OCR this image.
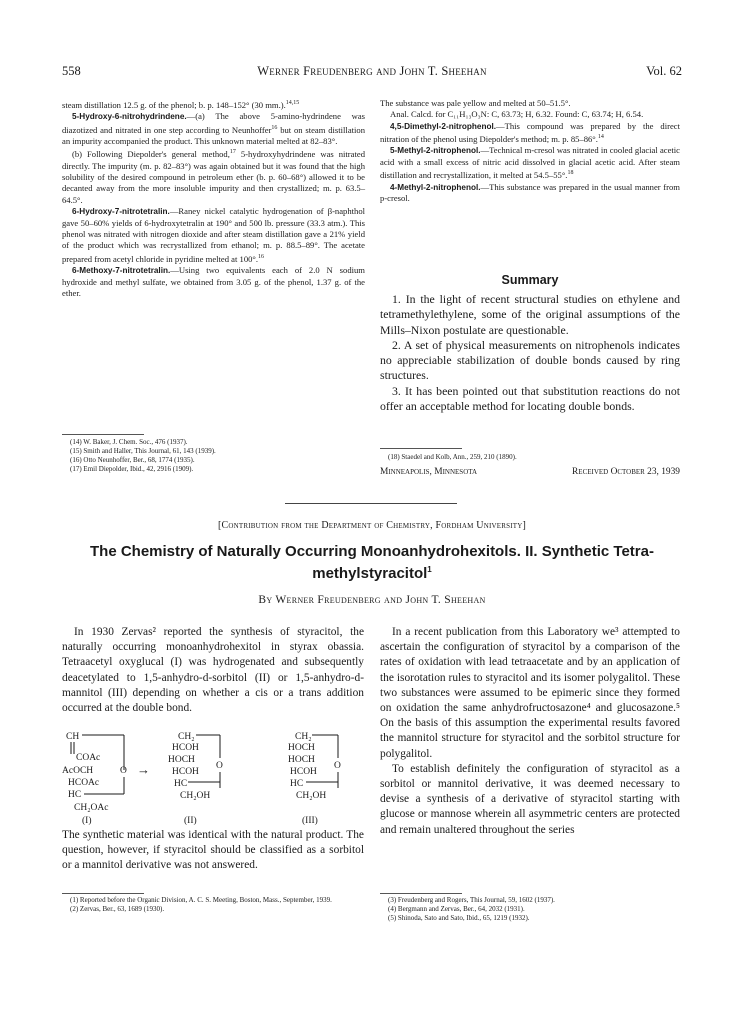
558	Werner Freudenberg and John T. Sheehan	Vol. 62

steam distillation 12.5 g. of the phenol; b. p. 148–152° (30 mm.).$^{14,15}$

5-Hydroxy-6-nitrohydrindene.—(a) The above 5-amino-hydrindene was diazotized and nitrated in one step according to Neunhoffer$^{16}$ but on steam distillation an impurity accompanied the product. This unknown material melted at 82–83°.

(b) Following Diepolder's general method,$^{17}$ 5-hydroxyhydrindene was nitrated directly. The impurity (m. p. 82–83°) was again obtained but it was found that the high solubility of the desired compound in petroleum ether (b. p. 60–68°) allowed it to be decanted away from the more insoluble impurity and then crystallized; m. p. 63.5–64.5°.

6-Hydroxy-7-nitrotetralin.—Raney nickel catalytic hydrogenation of β-naphthol gave 50–60% yields of 6-hydroxytetralin at 190° and 500 lb. pressure (33.3 atm.). This phenol was nitrated with nitrogen dioxide and after steam distillation gave a 21% yield of the product which was recrystallized from ethanol; m. p. 88.5–89°. The acetate prepared from acetyl chloride in pyridine melted at 100°.$^{16}$

6-Methoxy-7-nitrotetralin.—Using two equivalents each of 2.0 N sodium hydroxide and methyl sulfate, we obtained from 3.05 g. of the phenol, 1.37 g. of the ether.

(14) W. Baker, J. Chem. Soc., 476 (1937).
(15) Smith and Haller, This Journal, 61, 143 (1939).
(16) Otto Neunhoffer, Ber., 68, 1774 (1935).
(17) Emil Diepolder, Ibid., 42, 2916 (1909).

The substance was pale yellow and melted at 50–51.5°.

Anal. Calcd. for C₁₁H₁₃O₃N: C, 63.73; H, 6.32. Found: C, 63.74; H, 6.54.

4,5-Dimethyl-2-nitrophenol.—This compound was prepared by the direct nitration of the phenol using Diepolder's method; m. p. 85–86°.$^{14}$

5-Methyl-2-nitrophenol.—Technical m-cresol was nitrated in cooled glacial acetic acid with a small excess of nitric acid dissolved in glacial acetic acid. After steam distillation and recrystallization, it melted at 54.5–55°.$^{18}$

4-Methyl-2-nitrophenol.—This substance was prepared in the usual manner from p-cresol.

Summary

1. In the light of recent structural studies on ethylene and tetramethylethylene, some of the original assumptions of the Mills–Nixon postulate are questionable.

2. A set of physical measurements on nitrophenols indicates no appreciable stabilization of double bonds caused by ring structures.

3. It has been pointed out that substitution reactions do not offer an acceptable method for locating double bonds.

(18) Staedel and Kolb, Ann., 259, 210 (1890).
Minneapolis, Minnesota	Received October 23, 1939
[Contribution from the Department of Chemistry, Fordham University]
The Chemistry of Naturally Occurring Monoanhydrohexitols. II. Synthetic Tetra-
methylstyracitol$^1$
By Werner Freudenberg and John T. Sheehan

In 1930 Zervas² reported the synthesis of styracitol, the naturally occurring monoanhydrohexitol in styrax obassia. Tetraacetyl oxyglucal (I) was hydrogenated and subsequently deacetylated to 1,5-anhydro-d-sorbitol (II) or 1,5-anhydro-d-mannitol (III) depending on whether a cis or a trans addition occurred at the double bond.

CH
COAc
AcOCH	O
HCOAc
HC
CH₂OAc
→
CH₂
HCOH
HOCH
O
HCOH
HC
CH₂OH
CH₂
HOCH
HOCH
O
HCOH
HC
CH₂OH
(I)	(II)	(III)

The synthetic material was identical with the natural product. The question, however, if styracitol should be classified as a sorbitol or a mannitol derivative was not answered.

(1) Reported before the Organic Division, A. C. S. Meeting, Boston, Mass., September, 1939.
(2) Zervas, Ber., 63, 1689 (1930).

In a recent publication from this Laboratory we³ attempted to ascertain the configuration of styracitol by a comparison of the rates of oxidation with lead tetraacetate and by an application of the isorotation rules to styracitol and its isomer polygalitol. These two substances were assumed to be epimeric since they formed on oxidation the same anhydrofructosazone⁴ and glucosazone.⁵ On the basis of this assumption the experimental results favored the mannitol structure for styracitol and the sorbitol structure for polygalitol.

To establish definitely the configuration of styracitol as a sorbitol or mannitol derivative, it was deemed necessary to devise a synthesis of a derivative of styracitol starting with glucose or mannose wherein all asymmetric centers are protected and remain unaltered throughout the series

(3) Freudenberg and Rogers, This Journal, 59, 1602 (1937).
(4) Bergmann and Zervas, Ber., 64, 2032 (1931).
(5) Shinoda, Sato and Sato, Ibid., 65, 1219 (1932).
